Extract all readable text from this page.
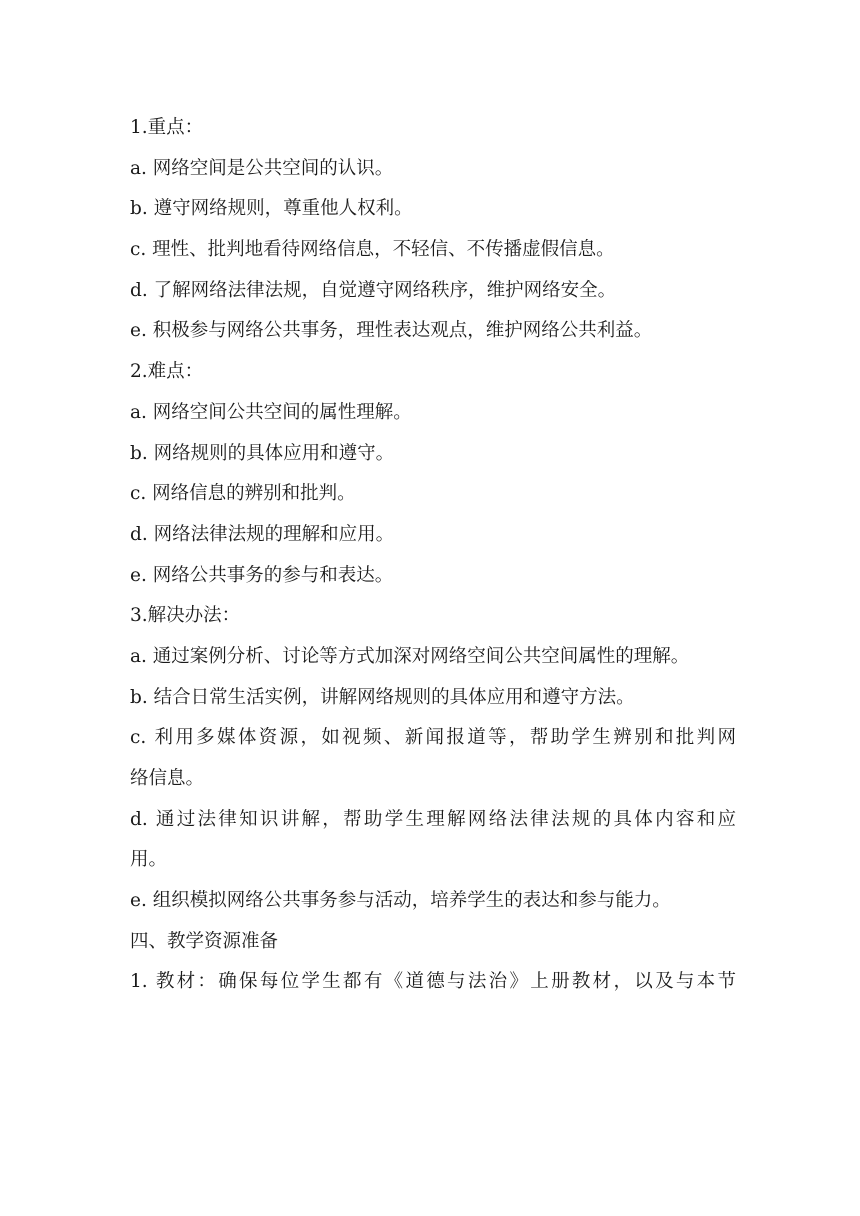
1.重点：
a. 网络空间是公共空间的认识。
b. 遵守网络规则，尊重他人权利。
c. 理性、批判地看待网络信息，不轻信、不传播虚假信息。
d. 了解网络法律法规，自觉遵守网络秩序，维护网络安全。
e. 积极参与网络公共事务，理性表达观点，维护网络公共利益。
2.难点：
a. 网络空间公共空间的属性理解。
b. 网络规则的具体应用和遵守。
c. 网络信息的辨别和批判。
d. 网络法律法规的理解和应用。
e. 网络公共事务的参与和表达。
3.解决办法：
a. 通过案例分析、讨论等方式加深对网络空间公共空间属性的理解。
b. 结合日常生活实例，讲解网络规则的具体应用和遵守方法。
c. 利用多媒体资源，如视频、新闻报道等，帮助学生辨别和批判网
络信息。
d. 通过法律知识讲解，帮助学生理解网络法律法规的具体内容和应
用。
e. 组织模拟网络公共事务参与活动，培养学生的表达和参与能力。
四、教学资源准备
1. 教材：确保每位学生都有《道德与法治》上册教材，以及与本节
